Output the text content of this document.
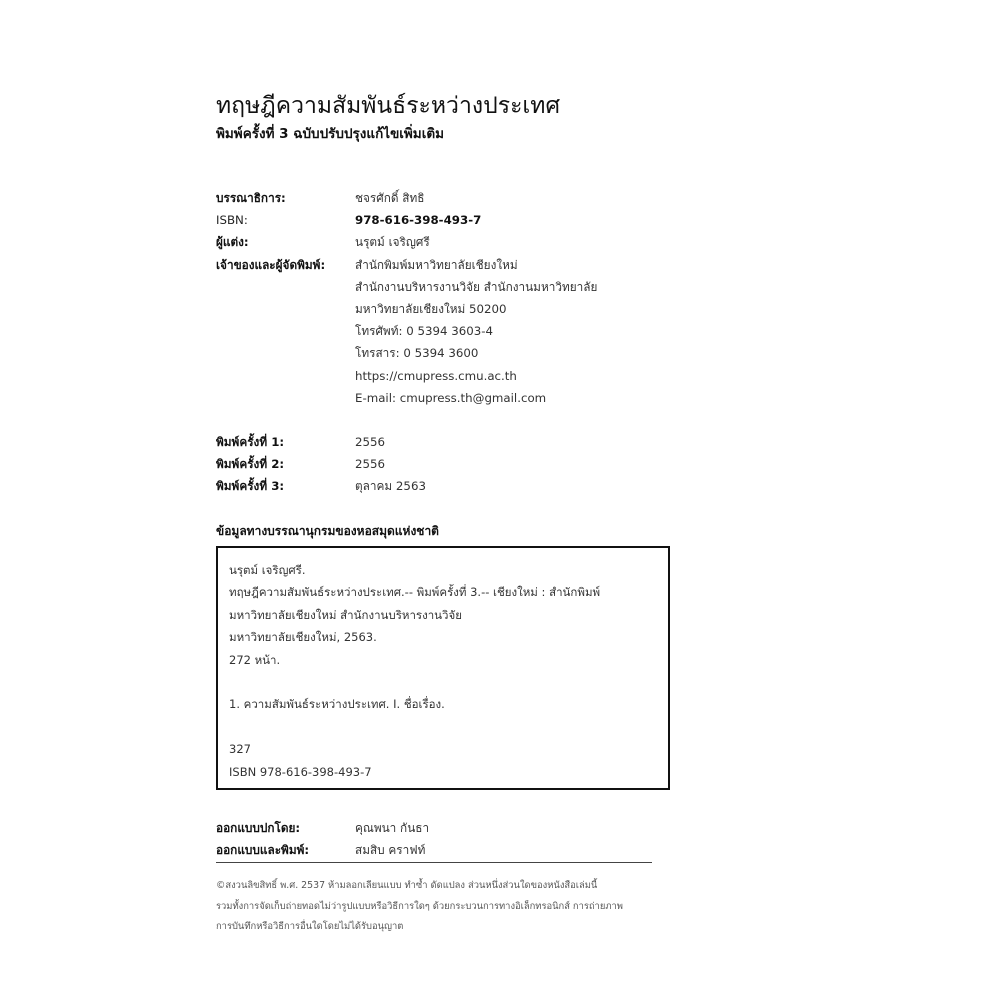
ทฤษฎีความสัมพันธ์ระหว่างประเทศ
พิมพ์ครั้งที่ 3 ฉบับปรับปรุงแก้ไขเพิ่มเติม
บรรณาธิการ:	ชจรศักดิ์ สิทธิ
ISBN:	978-616-398-493-7
ผู้แต่ง:	นรุตม์ เจริญศรี
เจ้าของและผู้จัดพิมพ์:	สำนักพิมพ์มหาวิทยาลัยเชียงใหม่
สำนักงานบริหารงานวิจัย สำนักงานมหาวิทยาลัย
มหาวิทยาลัยเชียงใหม่ 50200
โทรศัพท์: 0 5394 3603-4
โทรสาร: 0 5394 3600
https://cmupress.cmu.ac.th
E-mail: cmupress.th@gmail.com
พิมพ์ครั้งที่ 1:	2556
พิมพ์ครั้งที่ 2:	2556
พิมพ์ครั้งที่ 3:	ตุลาคม 2563
ข้อมูลทางบรรณานุกรมของหอสมุดแห่งชาติ
นรุตม์ เจริญศรี.
ทฤษฎีความสัมพันธ์ระหว่างประเทศ.-- พิมพ์ครั้งที่ 3.-- เชียงใหม่ : สำนักพิมพ์
มหาวิทยาลัยเชียงใหม่ สำนักงานบริหารงานวิจัย
มหาวิทยาลัยเชียงใหม่, 2563.
272 หน้า.
1. ความสัมพันธ์ระหว่างประเทศ. I. ชื่อเรื่อง.
327
ISBN 978-616-398-493-7
ออกแบบปกโดย:	คุณพนา กันธา
ออกแบบและพิมพ์:	สมสิบ คราฟท์
©สงวนลิขสิทธิ์ พ.ศ. 2537 ห้ามลอกเลียนแบบ ทำซ้ำ ดัดแปลง ส่วนหนึ่งส่วนใดของหนังสือเล่มนี้
รวมทั้งการจัดเก็บถ่ายทอดไม่ว่ารูปแบบหรือวิธีการใดๆ ด้วยกระบวนการทางอิเล็กทรอนิกส์ การถ่ายภาพ
การบันทึกหรือวิธีการอื่นใดโดยไม่ได้รับอนุญาต
